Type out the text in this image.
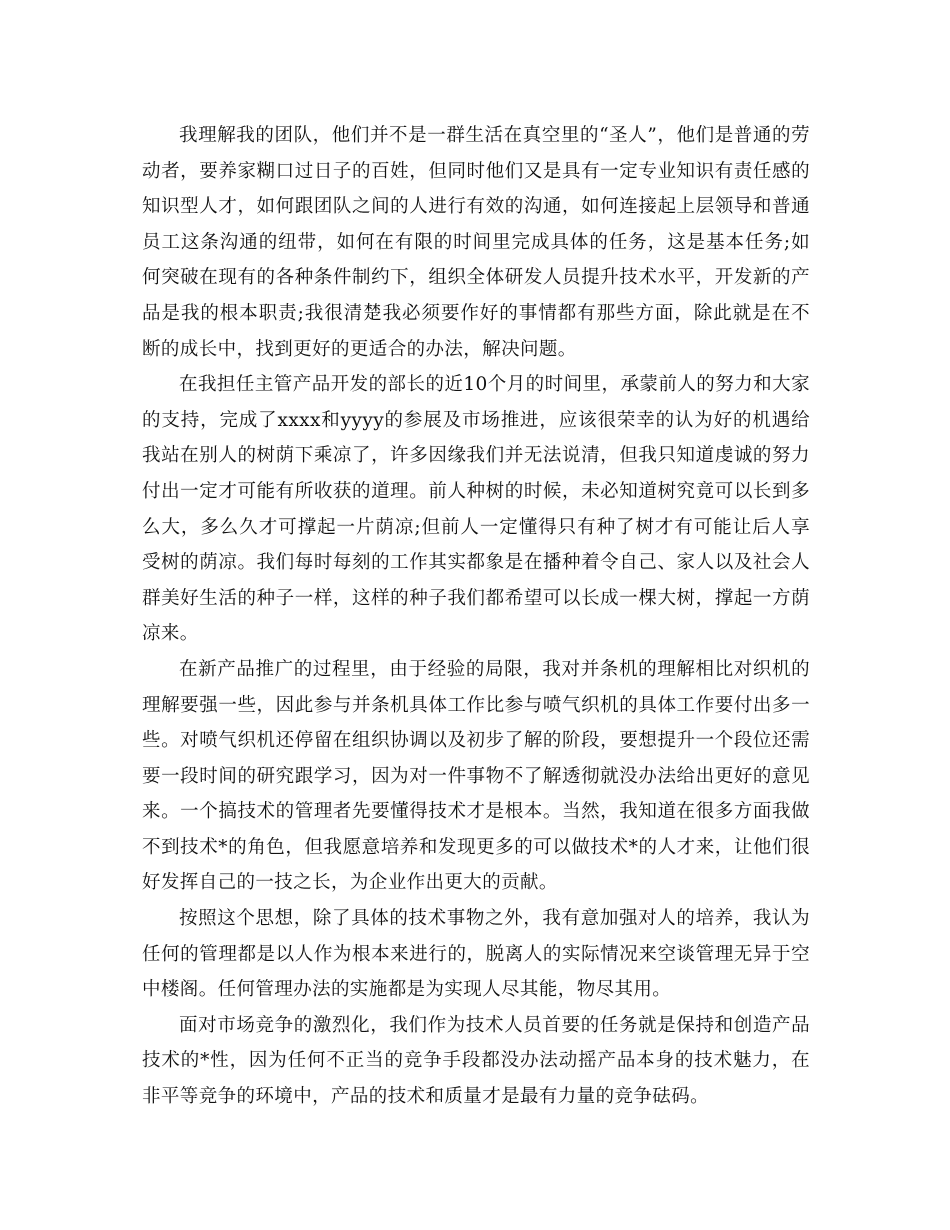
我理解我的团队，他们并不是一群生活在真空里的“圣人”，他们是普通的劳动者，要养家糊口过日子的百姓，但同时他们又是具有一定专业知识有责任感的知识型人才，如何跟团队之间的人进行有效的沟通，如何连接起上层领导和普通员工这条沟通的纽带，如何在有限的时间里完成具体的任务，这是基本任务;如何突破在现有的各种条件制约下，组织全体研发人员提升技术水平，开发新的产品是我的根本职责;我很清楚我必须要作好的事情都有那些方面，除此就是在不断的成长中，找到更好的更适合的办法，解决问题。

在我担任主管产品开发的部长的近10个月的时间里，承蒙前人的努力和大家的支持，完成了xxxx和yyyy的参展及市场推进，应该很荣幸的认为好的机遇给我站在别人的树荫下乘凉了，许多因缘我们并无法说清，但我只知道虔诚的努力付出一定才可能有所收获的道理。前人种树的时候，未必知道树究竟可以长到多么大，多么久才可撑起一片荫凉;但前人一定懂得只有种了树才有可能让后人享受树的荫凉。我们每时每刻的工作其实都象是在播种着令自己、家人以及社会人群美好生活的种子一样，这样的种子我们都希望可以长成一棵大树，撑起一方荫凉来。

在新产品推广的过程里，由于经验的局限，我对并条机的理解相比对织机的理解要强一些，因此参与并条机具体工作比参与喷气织机的具体工作要付出多一些。对喷气织机还停留在组织协调以及初步了解的阶段，要想提升一个段位还需要一段时间的研究跟学习，因为对一件事物不了解透彻就没办法给出更好的意见来。一个搞技术的管理者先要懂得技术才是根本。当然，我知道在很多方面我做不到技术*的角色，但我愿意培养和发现更多的可以做技术*的人才来，让他们很好发挥自己的一技之长，为企业作出更大的贡献。

按照这个思想，除了具体的技术事物之外，我有意加强对人的培养，我认为任何的管理都是以人作为根本来进行的，脱离人的实际情况来空谈管理无异于空中楼阁。任何管理办法的实施都是为实现人尽其能，物尽其用。

面对市场竞争的激烈化，我们作为技术人员首要的任务就是保持和创造产品技术的*性，因为任何不正当的竞争手段都没办法动摇产品本身的技术魅力，在非平等竞争的环境中，产品的技术和质量才是最有力量的竞争砝码。
